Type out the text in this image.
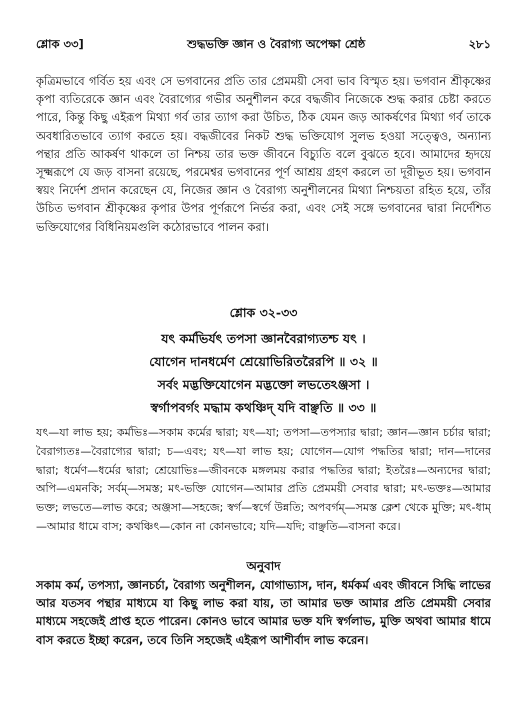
শ্লোক ৩৩]	শুদ্ধভক্তি জ্ঞান ও বৈরাগ্য অপেক্ষা শ্রেষ্ঠ	২৮১
কৃত্রিমভাবে গর্বিত হয় এবং সে ভগবানের প্রতি তার প্রেমময়ী সেবা ভাব বিস্মৃত হয়। ভগবান শ্রীকৃষ্ণের কৃপা ব্যতিরেকে জ্ঞান এবং বৈরাগ্যের গভীর অনুশীলন করে বদ্ধজীব নিজেকে শুদ্ধ করার চেষ্টা করতে পারে, কিন্তু কিছু এইরূপ মিথ্যা গর্ব তার ত্যাগ করা উচিত, ঠিক যেমন জড় আকর্ষণের মিথ্যা গর্ব তাকে অবধারিতভাবে ত্যাগ করতে হয়। বদ্ধজীবের নিকট শুদ্ধ ভক্তিযোগ সুলভ হওয়া সত্ত্বেও, অন্যান্য পন্থার প্রতি আকর্ষণ থাকলে তা নিশ্চয় তার ভক্ত জীবনে বিচ্যুতি বলে বুঝতে হবে। আমাদের হৃদয়ে সূক্ষ্মরূপে যে জড় বাসনা রয়েছে, পরমেশ্বর ভগবানের পূর্ণ আশ্রয় গ্রহণ করলে তা দূরীভূত হয়। ভগবান স্বয়ং নির্দেশ প্রদান করেছেন যে, নিজের জ্ঞান ও বৈরাগ্য অনুশীলনের মিথ্যা নিশ্চয়তা রহিত হয়ে, তাঁর উচিত ভগবান শ্রীকৃষ্ণের কৃপার উপর পূর্ণরূপে নির্ভর করা, এবং সেই সঙ্গে ভগবানের দ্বারা নির্দেশিত ভক্তিযোগের বিধিনিয়মগুলি কঠোরভাবে পালন করা।
শ্লোক ৩২-৩৩
যৎ কর্মভির্যৎ তপসা জ্ঞানবৈরাগ্যতশ্চ যৎ ।
যোগেন দানধর্মেণ শ্রেয়োভিরিতরৈরপি ॥ ৩২ ॥
সর্বং মদ্ভক্তিযোগেন মদ্ভক্তো লভতেঽঞ্জসা ।
স্বর্গাপবর্গং মদ্ধাম কথঞ্চিদ্ যদি বাঞ্ছতি ॥ ৩৩ ॥
যৎ—যা লাভ হয়; কর্মভিঃ—সকাম কর্মের দ্বারা; যৎ—যা; তপসা—তপস্যার দ্বারা; জ্ঞান—জ্ঞান চর্চার দ্বারা; বৈরাগ্যতঃ—বৈরাগ্যের দ্বারা; চ—এবং; যৎ—যা লাভ হয়; যোগেন—যোগ পদ্ধতির দ্বারা; দান—দানের দ্বারা; ধর্মেণ—ধর্মের দ্বারা; শ্রেয়োভিঃ—জীবনকে মঙ্গলময় করার পদ্ধতির দ্বারা; ইতরৈঃ—অন্যদের দ্বারা; অপি—এমনকি; সর্বম্—সমস্ত; মৎ-ভক্তি যোগেন—আমার প্রতি প্রেমময়ী সেবার দ্বারা; মৎ-ভক্তঃ—আমার ভক্ত; লভতে—লাভ করে; অঞ্জসা—সহজে; স্বর্গ—স্বর্গে উন্নতি; অপবর্গম্—সমস্ত ক্লেশ থেকে মুক্তি; মৎ-ধাম্—আমার ধামে বাস; কথঞ্চিৎ—কোন না কোনভাবে; যদি—যদি; বাঞ্ছতি—বাসনা করে।
অনুবাদ
সকাম কর্ম, তপস্যা, জ্ঞানচর্চা, বৈরাগ্য অনুশীলন, যোগাভ্যাস, দান, ধর্মকর্ম এবং জীবনে সিদ্ধি লাভের আর যতসব পন্থার মাধ্যমে যা কিছু লাভ করা যায়, তা আমার ভক্ত আমার প্রতি প্রেমময়ী সেবার মাধ্যমে সহজেই প্রাপ্ত হতে পারেন। কোনও ভাবে আমার ভক্ত যদি স্বর্গলাভ, মুক্তি অথবা আমার ধামে বাস করতে ইচ্ছা করেন, তবে তিনি সহজেই এইরূপ আশীর্বাদ লাভ করেন।
